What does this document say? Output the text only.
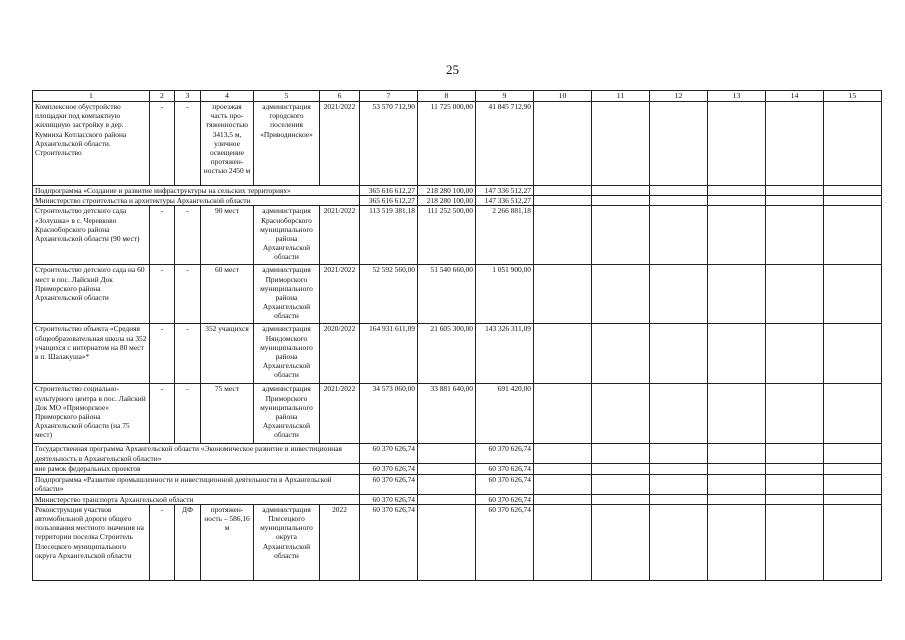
25
1	2	3	4	5	6	7	8	9	10	11	12	13	14	15
Комплексное обустройство площадки под компактную жилищную застройку в дер. Кумииха Котласского района Архангельской области. Строительство	-	-	проезжая часть про-тяженностью 3413,5 м, уличное освещение протяжен-ностью 2450 м	администрация городского поселения «Приводинское»	2021/2022	53 570 712,90	11 725 000,00	41 845 712,90						
Подпрограмма «Создание и развитие инфраструктуры на сельских территориях»						365 616 612,27	218 280 100,00	147 336 512,27						
Министерство строительства и архитектуры Архангельской области						365 616 612,27	218 280 100,00	147 336 512,27						
Строительство детского сада «Золушка» в с. Черевково Красноборского района Архангельской области (90 мест)	-	-	90 мест	администрация Красноборского муниципального района Архангельской области	2021/2022	113 519 381,18	111 252 500,00	2 266 881,18						
Строительство детского сада на 60 мест в пос. Лайский Док Приморского района Архангельской области	-	-	60 мест	администрация Приморского муниципального района Архангельской области	2021/2022	52 592 560,00	51 540 660,00	1 051 900,00						
Строительство объекта «Средняя общеобразовательная школа на 352 учащихся с интернатом на 80 мест в п. Шалакуша»*	-	-	352 учащихся	администрация Няндомского муниципального района Архангельской области	2020/2022	164 931 611,09	21 605 300,00	143 326 311,09						
Строительство социально-культурного центра в пос. Лайский Док МО «Приморское» Приморского района Архангельской области (на 75 мест)	-	-	75 мест	администрация Приморского муниципального района Архангельской области	2021/2022	34 573 060,00	33 881 640,00	691 420,00						
Государственная программа Архангельской области «Экономическое развитие и инвестиционная деятельность в Архангельской области»						60 370 626,74		60 370 626,74						
вне рамок федеральных проектов						60 370 626,74		60 370 626,74						
Подпрограмма «Развитие промышленности и инвестиционной деятельности в Архангельской области»						60 370 626,74		60 370 626,74						
Министерство транспорта Архангельской области						60 370 626,74		60 370 626,74						
Реконструкция участков автомобильной дороги общего пользования местного значения на территории поселка Строитель Плесецкого муниципального округа Архангельской области	-	ДФ	протяжен-ность – 586,16 м	администрация Плесецкого муниципального округа Архангельской области	2022	60 370 626,74		60 370 626,74						
